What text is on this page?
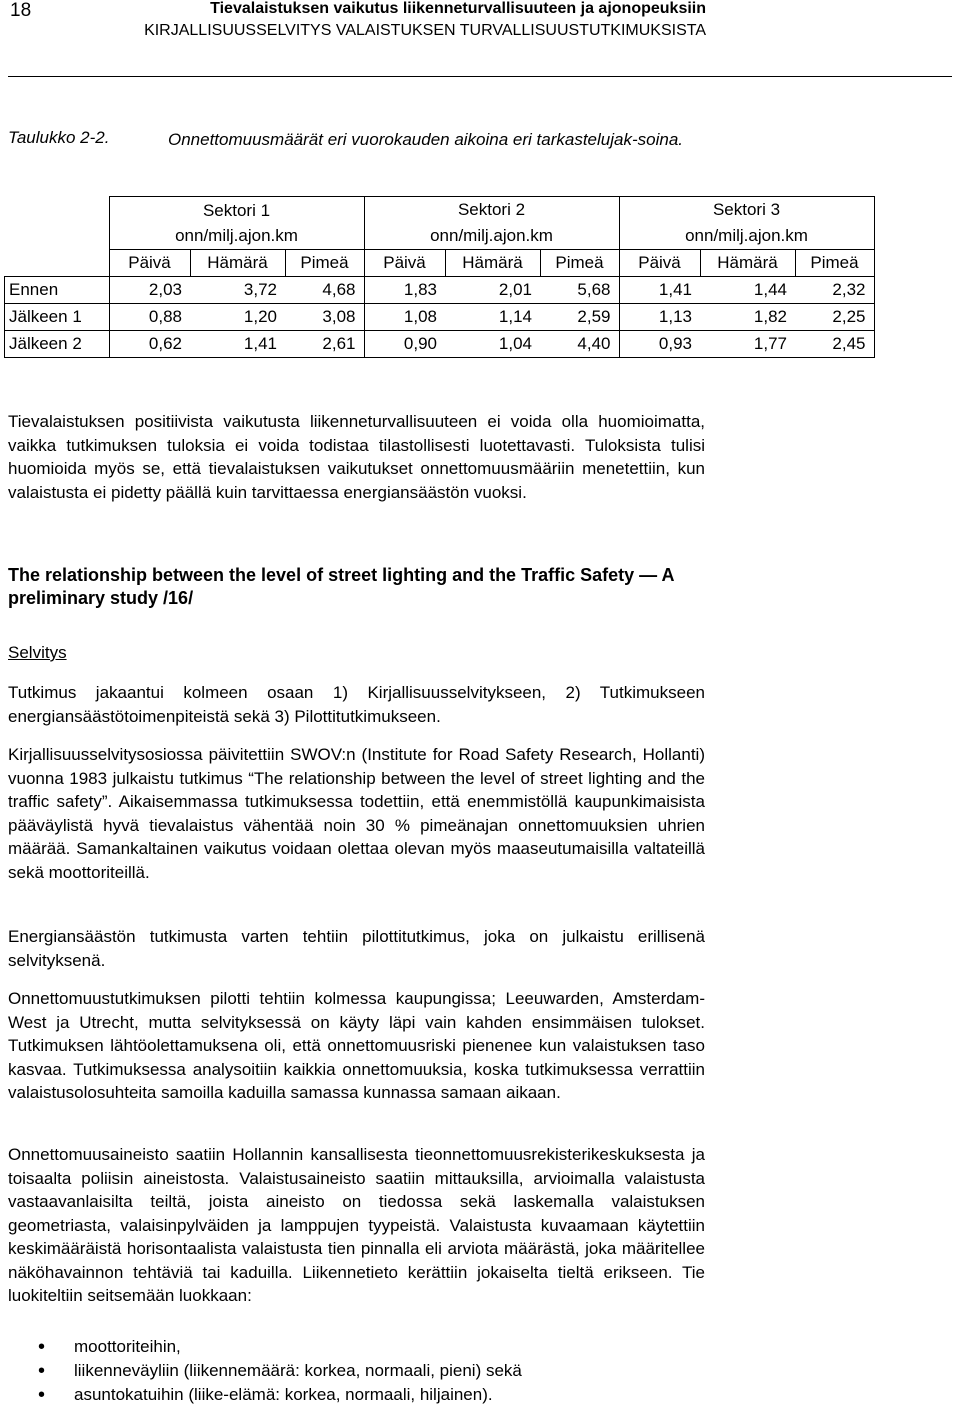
18	Tievalaistuksen vaikutus liikenneturvallisuuteen ja ajonopeuksiin
KIRJALLISUUSSELVITYS VALAISTUKSEN TURVALLISUUSTUTKIMUKSISTA
Taulukko 2-2.	Onnettomuusmäärät eri vuorokauden aikoina eri tarkastelujak-soina.
	Sektori 1			Sektori 2			Sektori 3		
	onn/milj.ajon.km			onn/milj.ajon.km			onn/milj.ajon.km		
	Päivä	Hämärä	Pimeä	Päivä	Hämärä	Pimeä	Päivä	Hämärä	Pimeä
Ennen	2,03	3,72	4,68	1,83	2,01	5,68	1,41	1,44	2,32
Jälkeen 1	0,88	1,20	3,08	1,08	1,14	2,59	1,13	1,82	2,25
Jälkeen 2	0,62	1,41	2,61	0,90	1,04	4,40	0,93	1,77	2,45

Tievalaistuksen positiivista vaikutusta liikenneturvallisuuteen ei voida olla huomioimatta, vaikka tutkimuksen tuloksia ei voida todistaa tilastollisesti luotettavasti. Tuloksista tulisi huomioida myös se, että tievalaistuksen vaikutukset onnettomuusmääriin menetettiin, kun valaistusta ei pidetty päällä kuin tarvittaessa energiansäästön vuoksi.

The relationship between the level of street lighting and the Traffic Safety — A preliminary study /16/
Selvitys

Tutkimus jakaantui kolmeen osaan 1) Kirjallisuusselvitykseen, 2) Tutkimukseen energiansäästötoimenpiteistä sekä 3) Pilottitutkimukseen.

Kirjallisuusselvitysosiossa päivitettiin SWOV:n (Institute for Road Safety Research, Hollanti) vuonna 1983 julkaistu tutkimus “The relationship between the level of street lighting and the traffic safety”. Aikaisemmassa tutkimuksessa todettiin, että enemmistöllä kaupunkimaisista pääväylistä hyvä tievalaistus vähentää noin 30 % pimeänajan onnettomuuksien uhrien määrää. Samankaltainen vaikutus voidaan olettaa olevan myös maaseutumaisilla valtateillä sekä moottoriteillä.

Energiansäästön tutkimusta varten tehtiin pilottitutkimus, joka on julkaistu erillisenä selvityksenä.

Onnettomuustutkimuksen pilotti tehtiin kolmessa kaupungissa; Leeuwarden, Amsterdam-West ja Utrecht, mutta selvityksessä on käyty läpi vain kahden ensimmäisen tulokset. Tutkimuksen lähtöolettamuksena oli, että onnettomuusriski pienenee kun valaistuksen taso kasvaa. Tutkimuksessa analysoitiin kaikkia onnettomuuksia, koska tutkimuksessa verrattiin valaistusolosuhteita samoilla kaduilla samassa kunnassa samaan aikaan.

Onnettomuusaineisto saatiin Hollannin kansallisesta tieonnettomuusrekisterikeskuksesta ja toisaalta poliisin aineistosta. Valaistusaineisto saatiin mittauksilla, arvioimalla valaistusta vastaavanlaisilta teiltä, joista aineisto on tiedossa sekä laskemalla valaistuksen geometriasta, valaisinpylväiden ja lamppujen tyypeistä. Valaistusta kuvaamaan käytettiin keskimääräistä horisontaalista valaistusta tien pinnalla eli arviota määrästä, joka määritellee näköhavainnon tehtäviä tai kaduilla. Liikennetieto kerättiin jokaiselta tieltä erikseen. Tie luokiteltiin seitsemään luokkaan:

• moottoriteihin,
• liikenneväyliin (liikennemäärä: korkea, normaali, pieni) sekä
• asuntokatuihin (liike-elämä: korkea, normaali, hiljainen).
